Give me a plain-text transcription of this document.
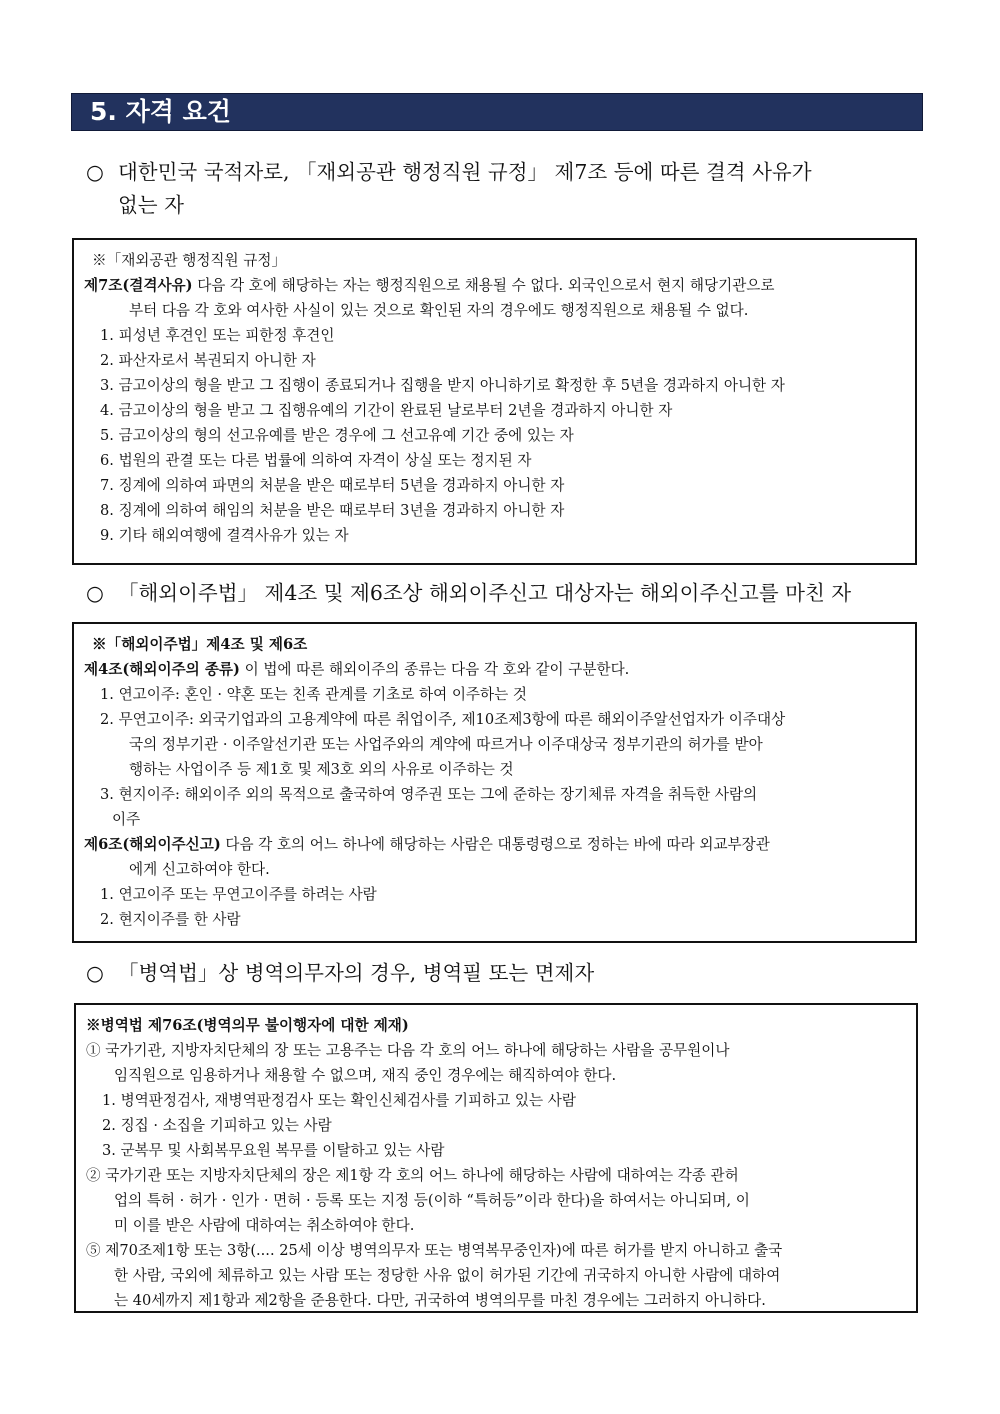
5. 자격 요건
○ 대한민국 국적자로, 「재외공관 행정직원 규정」 제7조 등에 따른 결격 사유가
없는 자
※「재외공관 행정직원 규정」
제7조(결격사유) 다음 각 호에 해당하는 자는 행정직원으로 채용될 수 없다. 외국인으로서 현지 해당기관으로
부터 다음 각 호와 여사한 사실이 있는 것으로 확인된 자의 경우에도 행정직원으로 채용될 수 없다.
1. 피성년 후견인 또는 피한정 후견인
2. 파산자로서 복권되지 아니한 자
3. 금고이상의 형을 받고 그 집행이 종료되거나 집행을 받지 아니하기로 확정한 후 5년을 경과하지 아니한 자
4. 금고이상의 형을 받고 그 집행유예의 기간이 완료된 날로부터 2년을 경과하지 아니한 자
5. 금고이상의 형의 선고유예를 받은 경우에 그 선고유예 기간 중에 있는 자
6. 법원의 관결 또는 다른 법률에 의하여 자격이 상실 또는 정지된 자
7. 징계에 의하여 파면의 처분을 받은 때로부터 5년을 경과하지 아니한 자
8. 징계에 의하여 해임의 처분을 받은 때로부터 3년을 경과하지 아니한 자
9. 기타 해외여행에 결격사유가 있는 자
○ 「해외이주법」 제4조 및 제6조상 해외이주신고 대상자는 해외이주신고를 마친 자
※「해외이주법」제4조 및 제6조
제4조(해외이주의 종류) 이 법에 따른 해외이주의 종류는 다음 각 호와 같이 구분한다.
1. 연고이주: 혼인 · 약혼 또는 친족 관계를 기초로 하여 이주하는 것
2. 무연고이주: 외국기업과의 고용계약에 따른 취업이주, 제10조제3항에 따른 해외이주알선업자가 이주대상
국의 정부기관 · 이주알선기관 또는 사업주와의 계약에 따르거나 이주대상국 정부기관의 허가를 받아
행하는 사업이주 등 제1호 및 제3호 외의 사유로 이주하는 것
3. 현지이주: 해외이주 외의 목적으로 출국하여 영주권 또는 그에 준하는 장기체류 자격을 취득한 사람의
이주
제6조(해외이주신고) 다음 각 호의 어느 하나에 해당하는 사람은 대통령령으로 정하는 바에 따라 외교부장관
에게 신고하여야 한다.
1. 연고이주 또는 무연고이주를 하려는 사람
2. 현지이주를 한 사람
○ 「병역법」상 병역의무자의 경우, 병역필 또는 면제자
※병역법 제76조(병역의무 불이행자에 대한 제재)
① 국가기관, 지방자치단체의 장 또는 고용주는 다음 각 호의 어느 하나에 해당하는 사람을 공무원이나
임직원으로 임용하거나 채용할 수 없으며, 재직 중인 경우에는 해직하여야 한다.
1. 병역판정검사, 재병역판정검사 또는 확인신체검사를 기피하고 있는 사람
2. 징집 · 소집을 기피하고 있는 사람
3. 군복무 및 사회복무요원 복무를 이탈하고 있는 사람
② 국가기관 또는 지방자치단체의 장은 제1항 각 호의 어느 하나에 해당하는 사람에 대하여는 각종 관허
업의 특허 · 허가 · 인가 · 면허 · 등록 또는 지정 등(이하 “특허등”이라 한다)을 하여서는 아니되며, 이
미 이를 받은 사람에 대하여는 취소하여야 한다.
⑤ 제70조제1항 또는 3항(.... 25세 이상 병역의무자 또는 병역복무중인자)에 따른 허가를 받지 아니하고 출국
한 사람, 국외에 체류하고 있는 사람 또는 정당한 사유 없이 허가된 기간에 귀국하지 아니한 사람에 대하여
는 40세까지 제1항과 제2항을 준용한다. 다만, 귀국하여 병역의무를 마친 경우에는 그러하지 아니하다.
